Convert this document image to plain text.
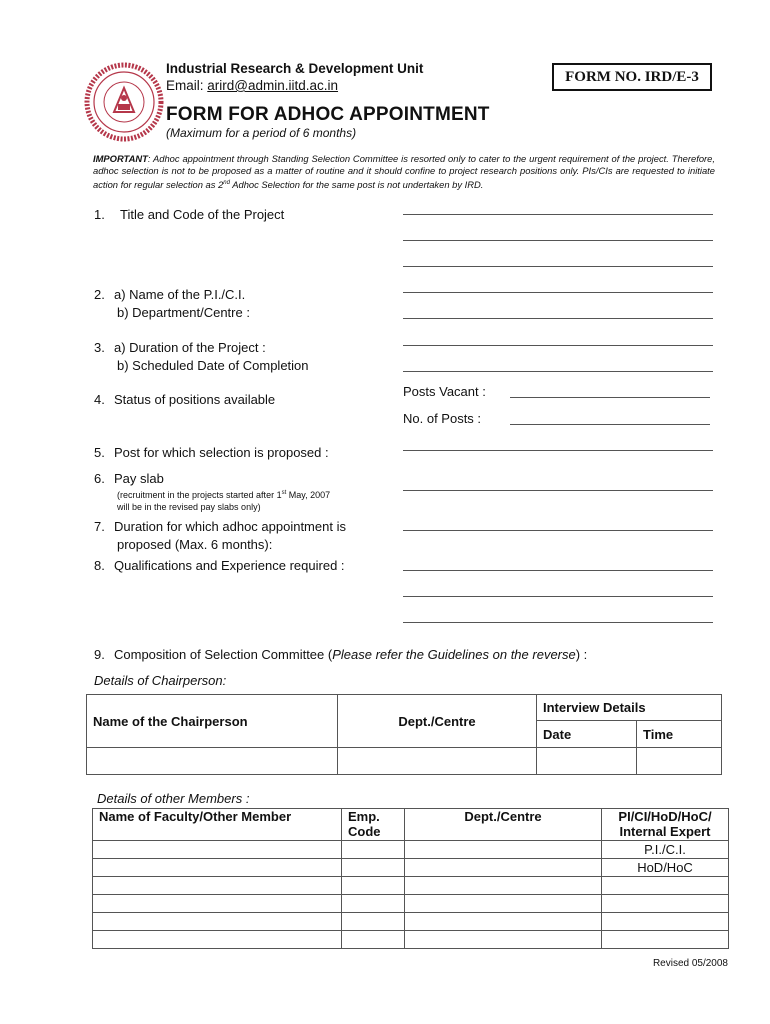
Industrial Research & Development Unit
Email: arird@admin.iitd.ac.in
FORM NO. IRD/E-3
FORM FOR ADHOC APPOINTMENT
(Maximum for a period of 6 months)
IMPORTANT: Adhoc appointment through Standing Selection Committee is resorted only to cater to the urgent requirement of the project. Therefore, adhoc selection is not to be proposed as a matter of routine and it should confine to project research positions only. PIs/CIs are requested to initiate action for regular selection as 2nd Adhoc Selection for the same post is not undertaken by IRD.
1. Title and Code of the Project
2. a) Name of the P.I./C.I.
b) Department/Centre :
3. a) Duration of the Project :
b) Scheduled Date of Completion
4. Status of positions available
Posts Vacant :
No. of Posts :
5. Post for which selection is proposed :
6. Pay slab
(recruitment in the projects started after 1st May, 2007
will be in the revised pay slabs only)
7. Duration for which adhoc appointment is
proposed (Max. 6 months):
8. Qualifications and Experience required :
9. Composition of Selection Committee (Please refer the Guidelines on the reverse) :
Details of Chairperson:
Name of the Chairperson	Dept./Centre	Interview Details	
		Date	Time

Details of other Members :
Name of Faculty/Other Member	Emp. Code	Dept./Centre	PI/CI/HoD/HoC/ Internal Expert
			P.I./C.I.
			HoD/HoC

Revised 05/2008
